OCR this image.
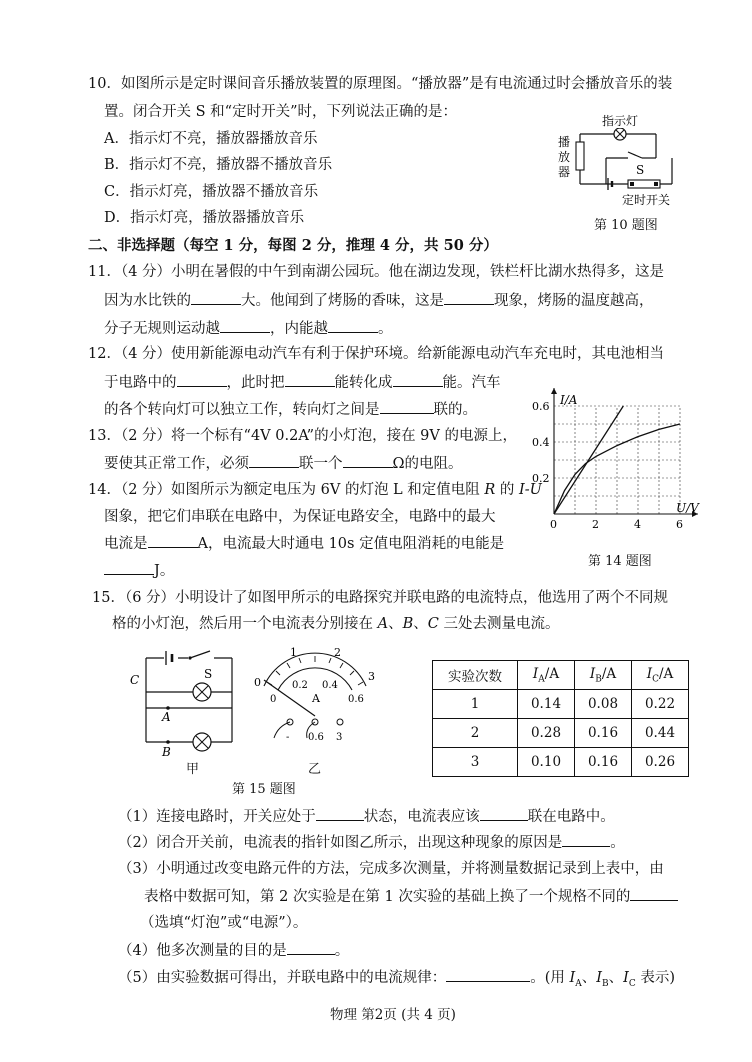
10．如图所示是定时课间音乐播放装置的原理图。“播放器”是有电流通过时会播放音乐的装
置。闭合开关 S 和“定时开关”时，下列说法正确的是：
A．指示灯不亮，播放器播放音乐
B．指示灯不亮，播放器不播放音乐
C．指示灯亮，播放器不播放音乐
D．指示灯亮，播放器播放音乐
播
放
器
指示灯
S
定时开关
第 10 题图
二、非选择题（每空 1 分，每图 2 分，推理 4 分，共 50 分）
11．（4 分）小明在暑假的中午到南湖公园玩。他在湖边发现，铁栏杆比湖水热得多，这是
因为水比铁的	大。他闻到了烤肠的香味，这是	现象，烤肠的温度越高，
分子无规则运动越	，内能越	。
12．（4 分）使用新能源电动汽车有利于保护环境。给新能源电动汽车充电时，其电池相当
于电路中的	，此时把	能转化成	能。汽车
的各个转向灯可以独立工作，转向灯之间是	联的。
13．（2 分）将一个标有“4V 0.2A”的小灯泡，接在 9V 的电源上，
要使其正常工作，必须	联一个	Ω的电阻。
14．（2 分）如图所示为额定电压为 6V 的灯泡 L 和定值电阻 R 的 I-U
图象，把它们串联在电路中，为保证电路安全，电路中的最大
电流是	A，电流最大时通电 10s 定值电阻消耗的电能是
J。
0	2	4	6
0.2
0.4
0.6 I/A
U/V
第 14 题图
15．（6 分）小明设计了如图甲所示的电路探究并联电路的电流特点，他选用了两个不同规
格的小灯泡，然后用一个电流表分别接在 A、B、C 三处去测量电流。
S
A
B
C
甲
1	2
0	3
0.2 0.4
0	0.6
A
- 0.6 3
乙
第 15 题图
实验次数	$I_A/A$	$I_B/A$	$I_C/A$
1	0.14	0.08	0.22
2	0.28	0.16	0.44
3	0.10	0.16	0.26
（1）连接电路时，开关应处于	状态，电流表应该	联在电路中。
（2）闭合开关前，电流表的指针如图乙所示，出现这种现象的原因是	。
（3）小明通过改变电路元件的方法，完成多次测量，并将测量数据记录到上表中，由
表格中数据可知，第 2 次实验是在第 1 次实验的基础上换了一个规格不同的
（选填“灯泡”或“电源”）。
（4）他多次测量的目的是	。
（5）由实验数据可得出，并联电路中的电流规律：	。(用 $I_A$、$I_B$、$I_C$ 表示)
物理 第2页 (共 4 页)
